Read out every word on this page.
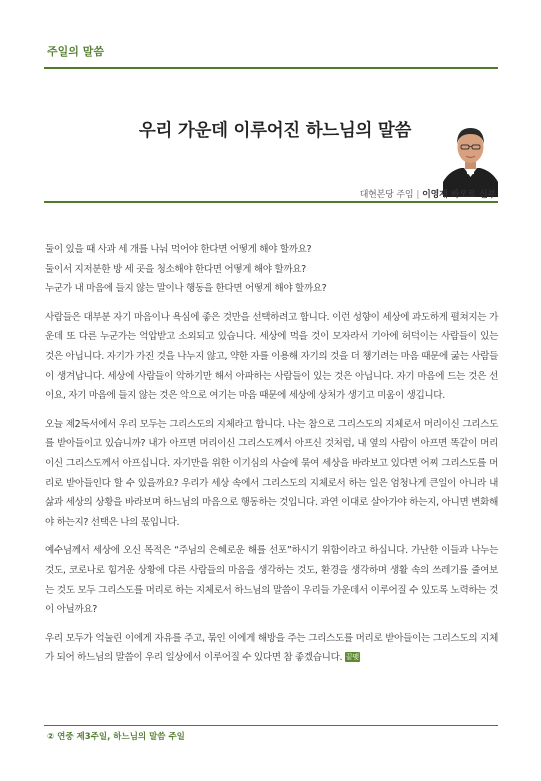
주일의 말씀
우리 가운데 이루어진 하느님의 말씀
대현본당 주임 | 이영재 바오로 신부

둘이 있을 때 사과 세 개를 나눠 먹어야 한다면 어떻게 해야 할까요?

둘이서 지저분한 방 세 곳을 청소해야 한다면 어떻게 해야 할까요?

누군가 내 마음에 들지 않는 말이나 행동을 한다면 어떻게 해야 할까요?

사람들은 대부분 자기 마음이나 욕심에 좋은 것만을 선택하려고 합니다. 이런 성향이 세상에 과도하게 펼쳐지는 가운데 또 다른 누군가는 억압받고 소외되고 있습니다. 세상에 먹을 것이 모자라서 기아에 허덕이는 사람들이 있는 것은 아닙니다. 자기가 가진 것을 나누지 않고, 약한 자를 이용해 자기의 것을 더 챙기려는 마음 때문에 굶는 사람들이 생겨납니다. 세상에 사람들이 악하기만 해서 아파하는 사람들이 있는 것은 아닙니다. 자기 마음에 드는 것은 선이요, 자기 마음에 들지 않는 것은 악으로 여기는 마음 때문에 세상에 상처가 생기고 미움이 생깁니다.

오늘 제2독서에서 우리 모두는 그리스도의 지체라고 합니다. 나는 참으로 그리스도의 지체로서 머리이신 그리스도를 받아들이고 있습니까? 내가 아프면 머리이신 그리스도께서 아프신 것처럼, 내 옆의 사람이 아프면 똑같이 머리이신 그리스도께서 아프십니다. 자기만을 위한 이기심의 사슬에 묶여 세상을 바라보고 있다면 어찌 그리스도를 머리로 받아들인다 할 수 있을까요? 우리가 세상 속에서 그리스도의 지체로서 하는 일은 엄청나게 큰일이 아니라 내 삶과 세상의 상황을 바라보며 하느님의 마음으로 행동하는 것입니다. 과연 이대로 살아가야 하는지, 아니면 변화해야 하는지? 선택은 나의 몫입니다.

예수님께서 세상에 오신 목적은 “주님의 은혜로운 해를 선포”하시기 위함이라고 하십니다. 가난한 이들과 나누는 것도, 코로나로 힘겨운 상황에 다른 사람들의 마음을 생각하는 것도, 환경을 생각하며 생활 속의 쓰레기를 줄여보는 것도 모두 그리스도를 머리로 하는 지체로서 하느님의 말씀이 우리들 가운데서 이루어질 수 있도록 노력하는 것이 아닐까요?

우리 모두가 억눌린 이에게 자유를 주고, 묶인 이에게 해방을 주는 그리스도를 머리로 받아들이는 그리스도의 지체가 되어 하느님의 말씀이 우리 일상에서 이루어질 수 있다면 참 좋겠습니다. 끝맺

② 연중 제3주일, 하느님의 말씀 주일
